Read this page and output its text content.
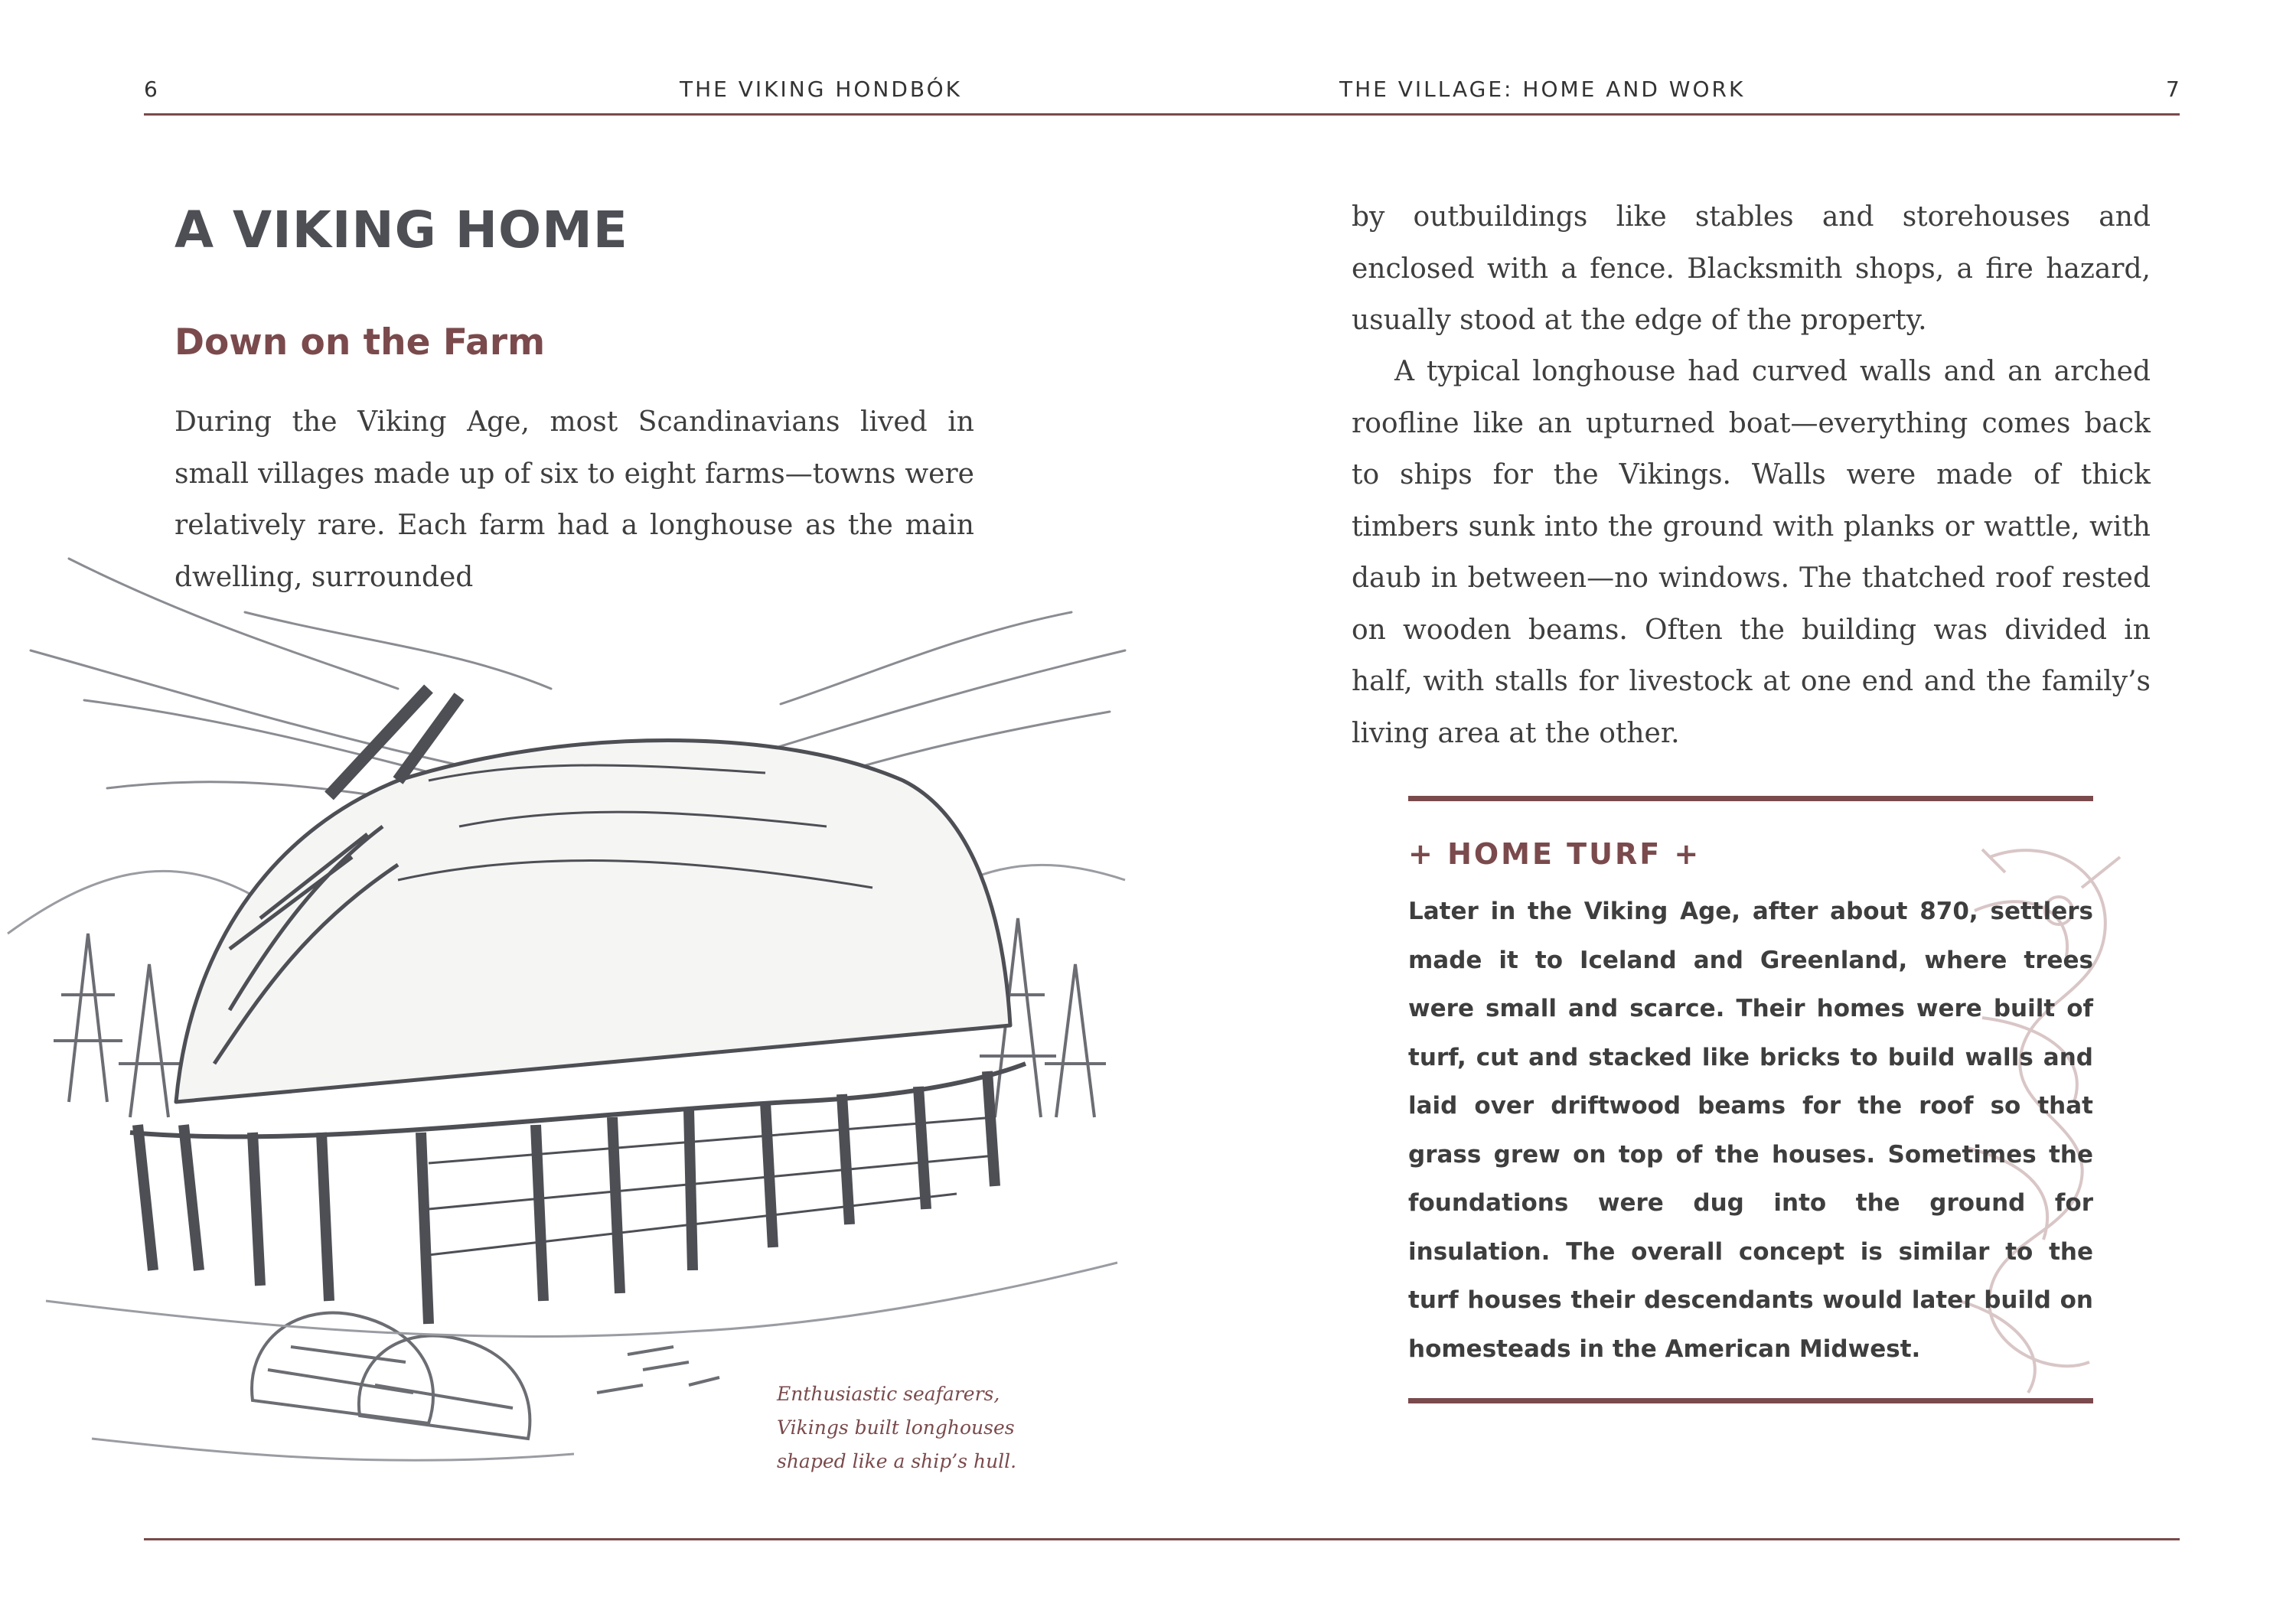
6	THE VIKING HONDBÓK	THE VILLAGE: HOME AND WORK	7
A VIKING HOME
Down on the Farm

During the Viking Age, most Scandinavians lived in small villages made up of six to eight farms—towns were relatively rare. Each farm had a longhouse as the main dwelling, surrounded

Enthusiastic seafarers, Vikings built longhouses shaped like a ship’s hull.

by outbuildings like stables and storehouses and enclosed with a fence. Blacksmith shops, a fire hazard, usually stood at the edge of the property.

A typical longhouse had curved walls and an arched roofline like an upturned boat—everything comes back to ships for the Vikings. Walls were made of thick timbers sunk into the ground with planks or wattle, with daub in between—no windows. The thatched roof rested on wooden beams. Often the building was divided in half, with stalls for livestock at one end and the family’s living area at the other.

+ HOME TURF +

Later in the Viking Age, after about 870, settlers made it to Iceland and Greenland, where trees were small and scarce. Their homes were built of turf, cut and stacked like bricks to build walls and laid over driftwood beams for the roof so that grass grew on top of the houses. Sometimes the foundations were dug into the ground for insulation. The overall concept is similar to the turf houses their descendants would later build on homesteads in the American Midwest.
